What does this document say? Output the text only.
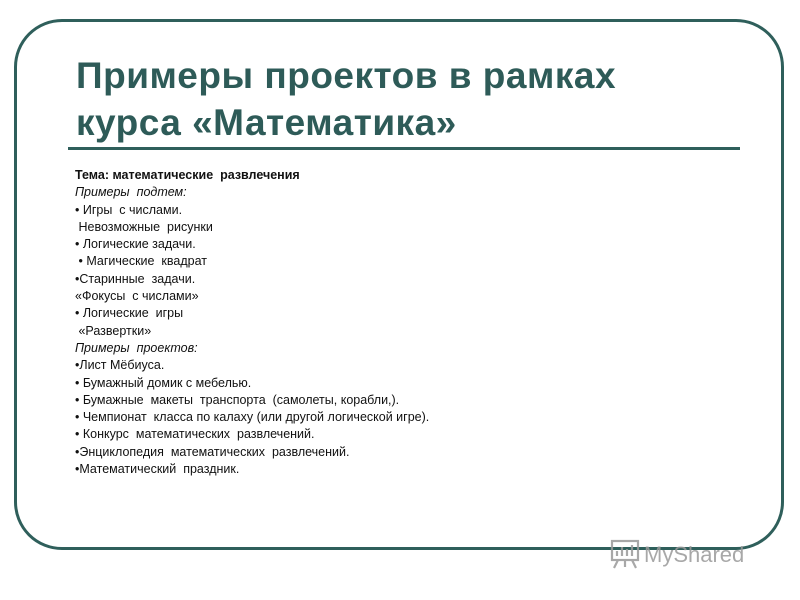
Примеры проектов в рамках
курса «Математика»

Тема: математические  развлечения

Примеры  подтем:

• Игры  с числами.

Невозможные  рисунки

• Логические задачи.

• Магические  квадрат

•Старинные  задачи.

«Фокусы  с числами»

• Логические  игры

«Развертки»

Примеры  проектов:

•Лист Мёбиуса.

• Бумажный домик с мебелью.

• Бумажные  макеты  транспорта  (самолеты, корабли,).

• Чемпионат  класса по калаху (или другой логической игре).

• Конкурс  математических  развлечений.

•Энциклопедия  математических  развлечений.

•Математический  праздник.

MyShared
